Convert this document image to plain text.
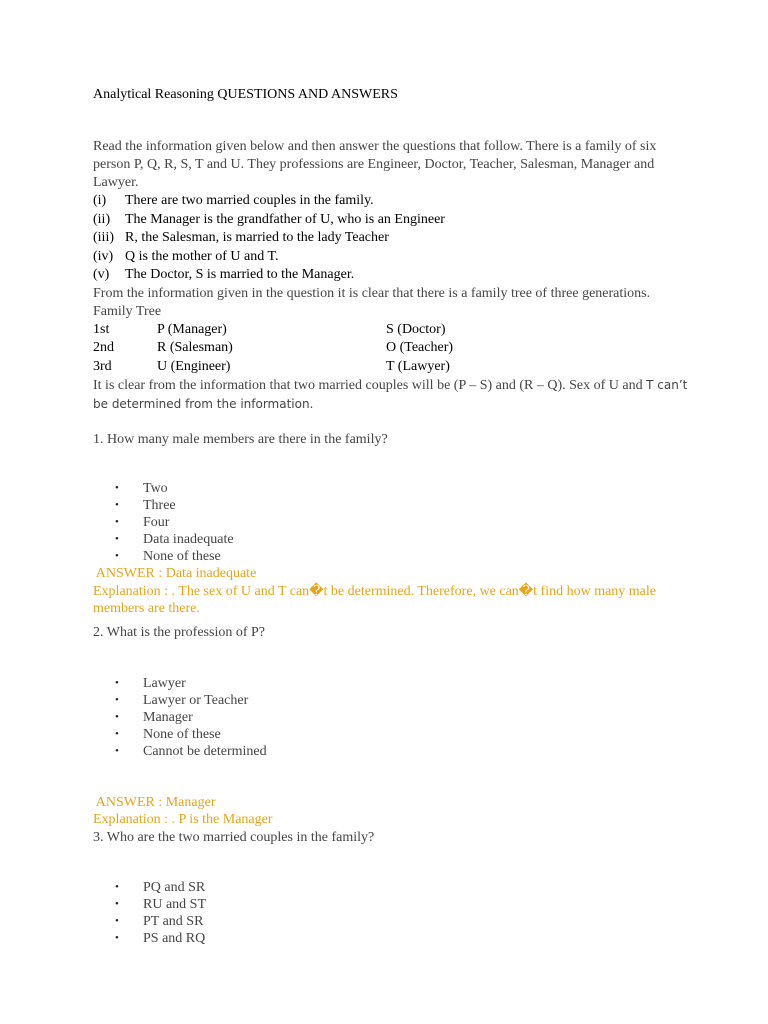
Analytical Reasoning QUESTIONS AND ANSWERS

Read the information given below and then answer the questions that follow. There is a family of six person P, Q, R, S, T and U. They professions are Engineer, Doctor, Teacher, Salesman, Manager and Lawyer.

(i)	There are two married couples in the family.
(ii)	The Manager is the grandfather of U, who is an Engineer
(iii) R, the Salesman, is married to the lady Teacher
(iv) Q is the mother of U and T.
(v)	The Doctor, S is married to the Manager.

From the information given in the question it is clear that there is a family tree of three generations. Family Tree

1st	P (Manager)	S (Doctor)
2nd	R (Salesman)	O (Teacher)
3rd	U (Engineer)	T (Lawyer)

It is clear from the information that two married couples will be (P – S) and (R – Q). Sex of U and T can’t be determined from the information.

1. How many male members are there in the family?

• Two
• Three
• Four
• Data inadequate
• None of these

ANSWER : Data inadequate

Explanation : . The sex of U and T can�t be determined. Therefore, we can�t find how many male members are there.

2. What is the profession of P?

• Lawyer
• Lawyer or Teacher
• Manager
• None of these
• Cannot be determined

ANSWER : Manager

Explanation : . P is the Manager

3. Who are the two married couples in the family?

• PQ and SR
• RU and ST
• PT and SR
• PS and RQ
